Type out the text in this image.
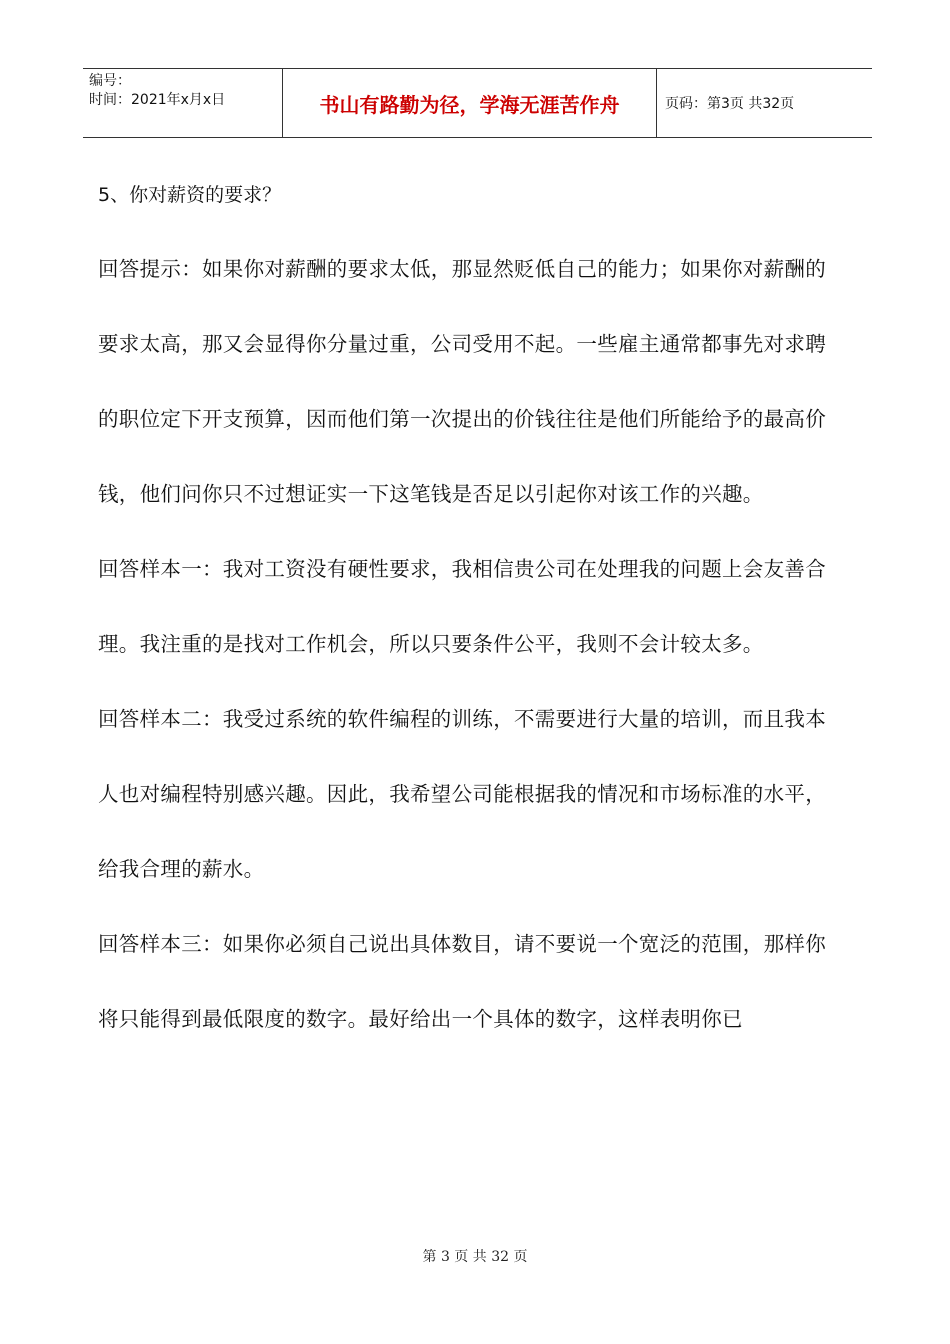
编号：
时间：2021年x月x日	书山有路勤为径，学海无涯苦作舟	页码：第3页 共32页

5、你对薪资的要求？

回答提示：如果你对薪酬的要求太低，那显然贬低自己的能力；如果你对薪酬的要求太高，那又会显得你分量过重，公司受用不起。一些雇主通常都事先对求聘的职位定下开支预算，因而他们第一次提出的价钱往往是他们所能给予的最高价钱，他们问你只不过想证实一下这笔钱是否足以引起你对该工作的兴趣。

回答样本一：我对工资没有硬性要求，我相信贵公司在处理我的问题上会友善合理。我注重的是找对工作机会，所以只要条件公平，我则不会计较太多。

回答样本二：我受过系统的软件编程的训练，不需要进行大量的培训，而且我本人也对编程特别感兴趣。因此，我希望公司能根据我的情况和市场标准的水平，给我合理的薪水。

回答样本三：如果你必须自己说出具体数目，请不要说一个宽泛的范围，那样你将只能得到最低限度的数字。最好给出一个具体的数字，这样表明你已

第 3 页 共 32 页
